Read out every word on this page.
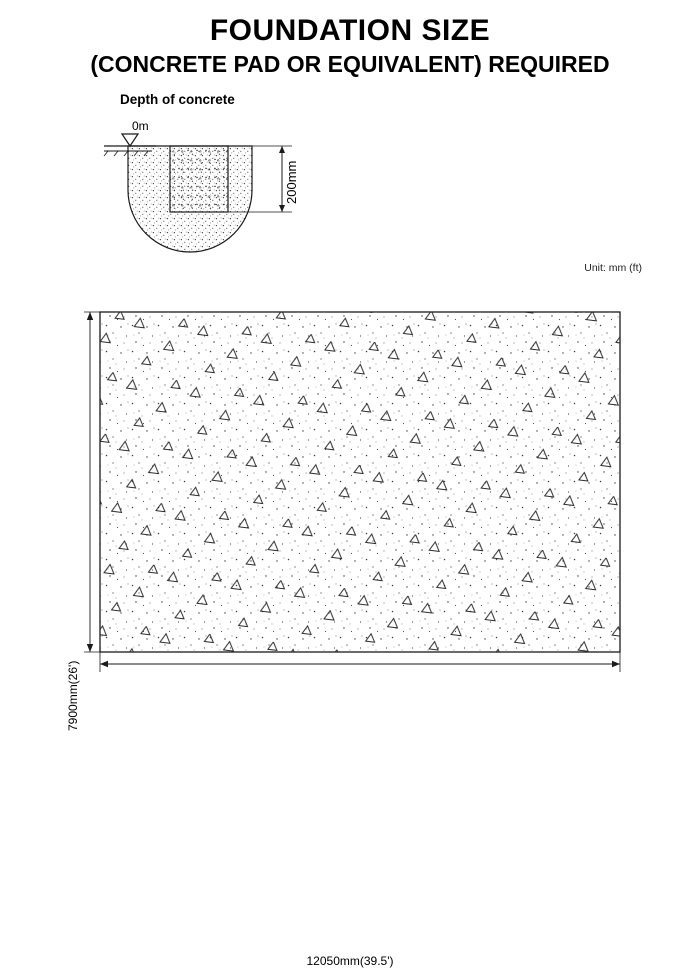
FOUNDATION SIZE
(CONCRETE PAD OR EQUIVALENT) REQUIRED
Depth of concrete
0m
200mm
Unit: mm (ft)
7900mm(26')
12050mm(39.5')
